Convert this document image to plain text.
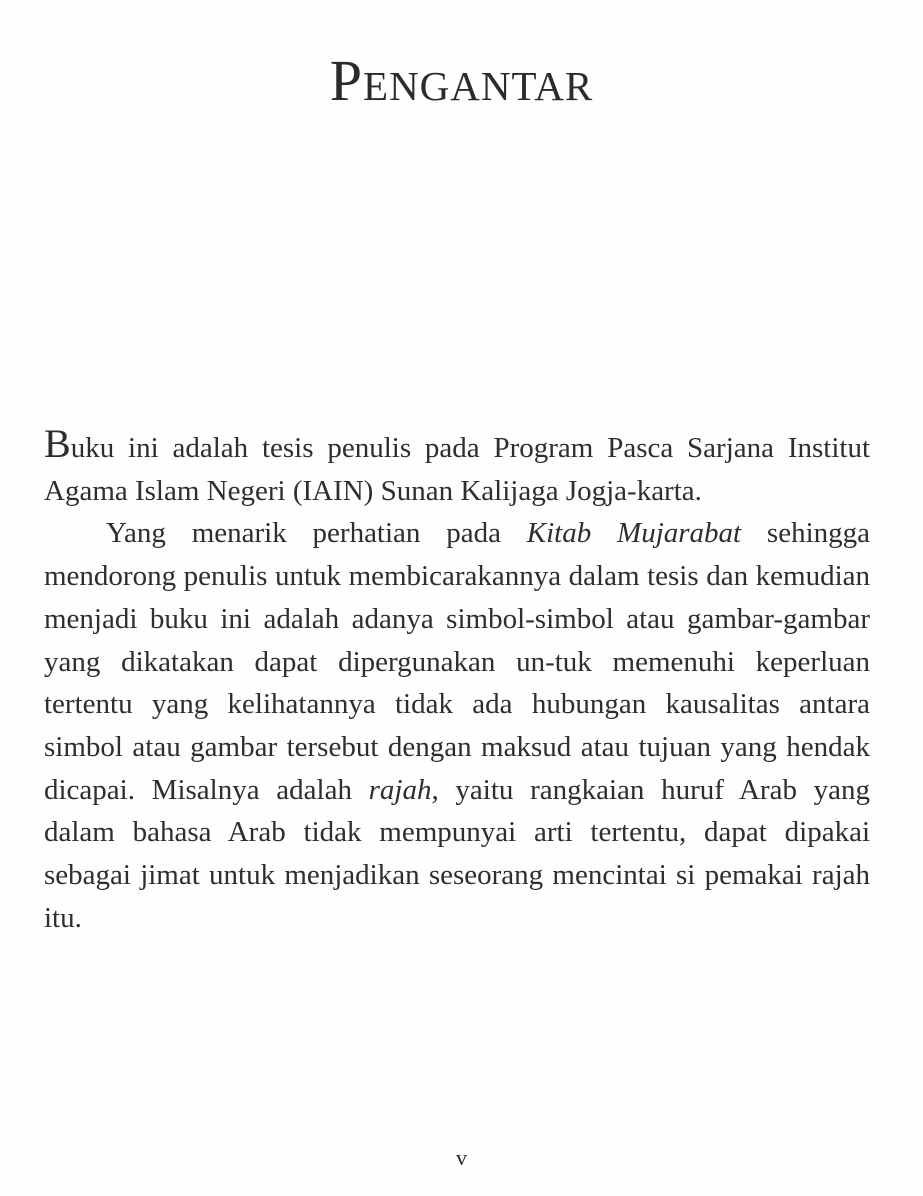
Pengantar

Buku ini adalah tesis penulis pada Program Pasca Sarjana Institut Agama Islam Negeri (IAIN) Sunan Kalijaga Jogja-karta.

Yang menarik perhatian pada Kitab Mujarabat sehingga mendorong penulis untuk membicarakannya dalam tesis dan kemudian menjadi buku ini adalah adanya simbol-simbol atau gambar-gambar yang dikatakan dapat dipergunakan un-tuk memenuhi keperluan tertentu yang kelihatannya tidak ada hubungan kausalitas antara simbol atau gambar tersebut dengan maksud atau tujuan yang hendak dicapai. Misalnya adalah rajah, yaitu rangkaian huruf Arab yang dalam bahasa Arab tidak mempunyai arti tertentu, dapat dipakai sebagai jimat untuk menjadikan seseorang mencintai si pemakai rajah itu.

v
